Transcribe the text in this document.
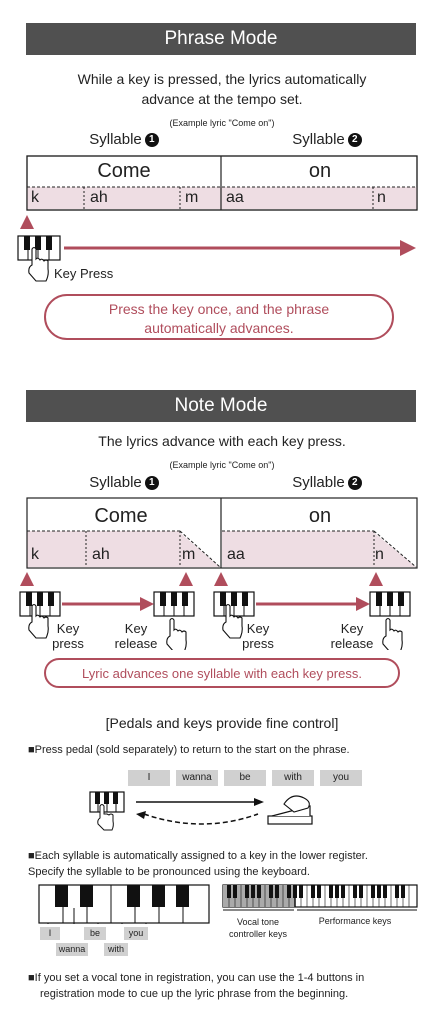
Phrase Mode
While a key is pressed, the lyrics automatically
advance at the tempo set.
(Example lyric "Come on")
Syllable 1	Syllable 2
Come	on
k	ah	m aa	n
Key Press
Press the key once, and the phrase
automatically advances.
Note Mode
The lyrics advance with each key press.
(Example lyric "Come on")
Syllable 1	Syllable 2
Come	on
k	ah	m aa	n
Key
press
Key
release
Key
press
Key
release
Lyric advances one syllable with each key press.
[Pedals and keys provide fine control]
■Press pedal (sold separately) to return to the start on the phrase.
I	wanna	be	with	you
■Each syllable is automatically assigned to a key in the lower register.
Specify the syllable to be pronounced using the keyboard.
I
wanna
be
with
you
Vocal tone
controller keys
Performance keys
■If you set a vocal tone in registration, you can use the 1-4 buttons in
registration mode to cue up the lyric phrase from the beginning.
